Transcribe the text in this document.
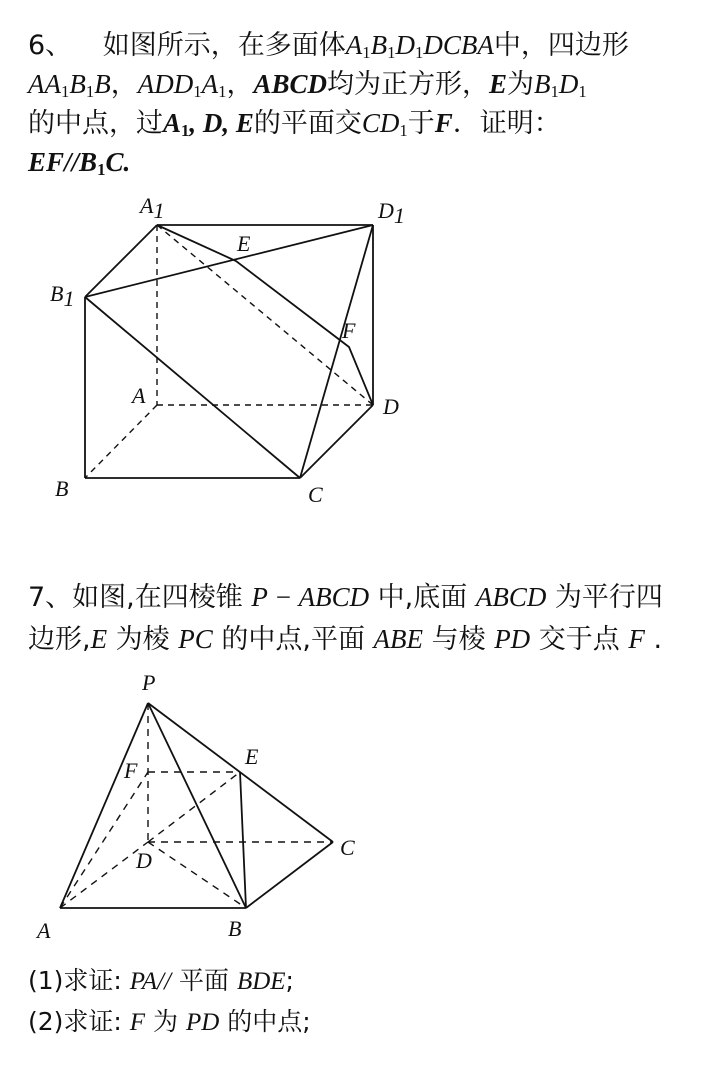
6、 如图所示，在多面体$A_1B_1D_1DCBA$中，四边形
$AA_1B_1B$，$ADD_1A_1$，ABCD均为正方形，E为$B_1D_1$
的中点，过$A_1$, D, E的平面交$CD_1$于F．证明：
$EF//B_1C$.
A1	D1
E
B1
F
A	D
B	C
7、如图,在四棱锥 P − ABCD 中,底面 ABCD 为平行四
边形,E 为棱 PC 的中点,平面 ABE 与棱 PD 交于点 F .
P
E
F
D
C
A	B
(1)求证: PA// 平面 BDE;
(2)求证: F 为 PD 的中点;
